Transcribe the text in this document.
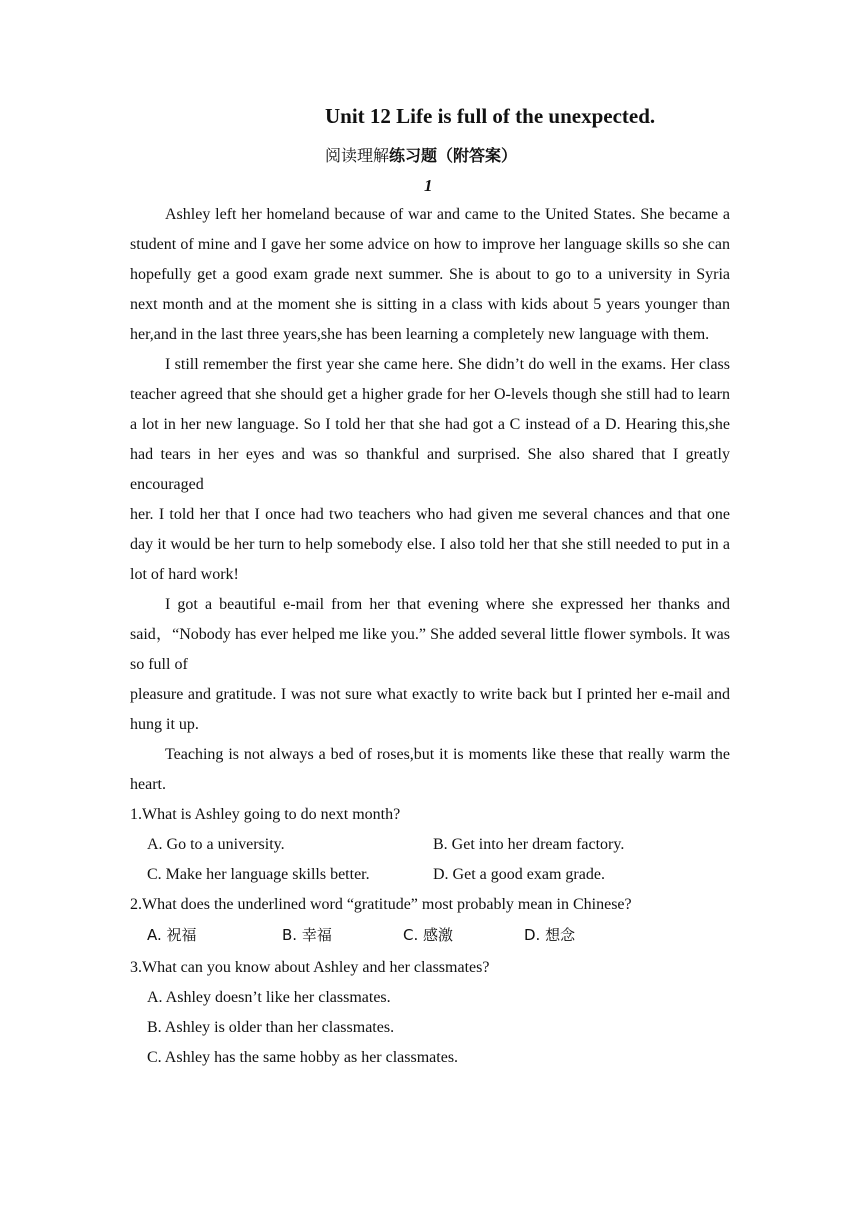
Unit 12 Life is full of the unexpected.
阅读理解练习题（附答案）
1

Ashley left her homeland because of war and came to the United States. She became a student of mine and I gave her some advice on how to improve her language skills so she can hopefully get a good exam grade next summer. She is about to go to a university in Syria next month and at the moment she is sitting in a class with kids about 5 years younger than her,and in the last three years,she has been learning a completely new language with them.

I still remember the first year she came here. She didn’t do well in the exams. Her class teacher agreed that she should get a higher grade for her O-levels though she still had to learn a lot in her new language. So I told her that she had got a C instead of a D. Hearing this,she had tears in her eyes and was so thankful and surprised. She also shared that I greatly encouraged

her. I told her that I once had two teachers who had given me several chances and that one day it would be her turn to help somebody else. I also told her that she still needed to put in a lot of hard work!

I got a beautiful e-mail from her that evening where she expressed her thanks and said，“Nobody has ever helped me like you.” She added several little flower symbols. It was so full of

pleasure and gratitude. I was not sure what exactly to write back but I printed her e-mail and hung it up.

Teaching is not always a bed of roses,but it is moments like these that really warm the heart.

1.What is Ashley going to do next month?

A. Go to a university.	B. Get into her dream factory.
C. Make her language skills better.	D. Get a good exam grade.

2.What does the underlined word “gratitude” most probably mean in Chinese?

A. 祝福	B. 幸福	C. 感激	D. 想念

3.What can you know about Ashley and her classmates?

A. Ashley doesn’t like her classmates.

B. Ashley is older than her classmates.

C. Ashley has the same hobby as her classmates.
